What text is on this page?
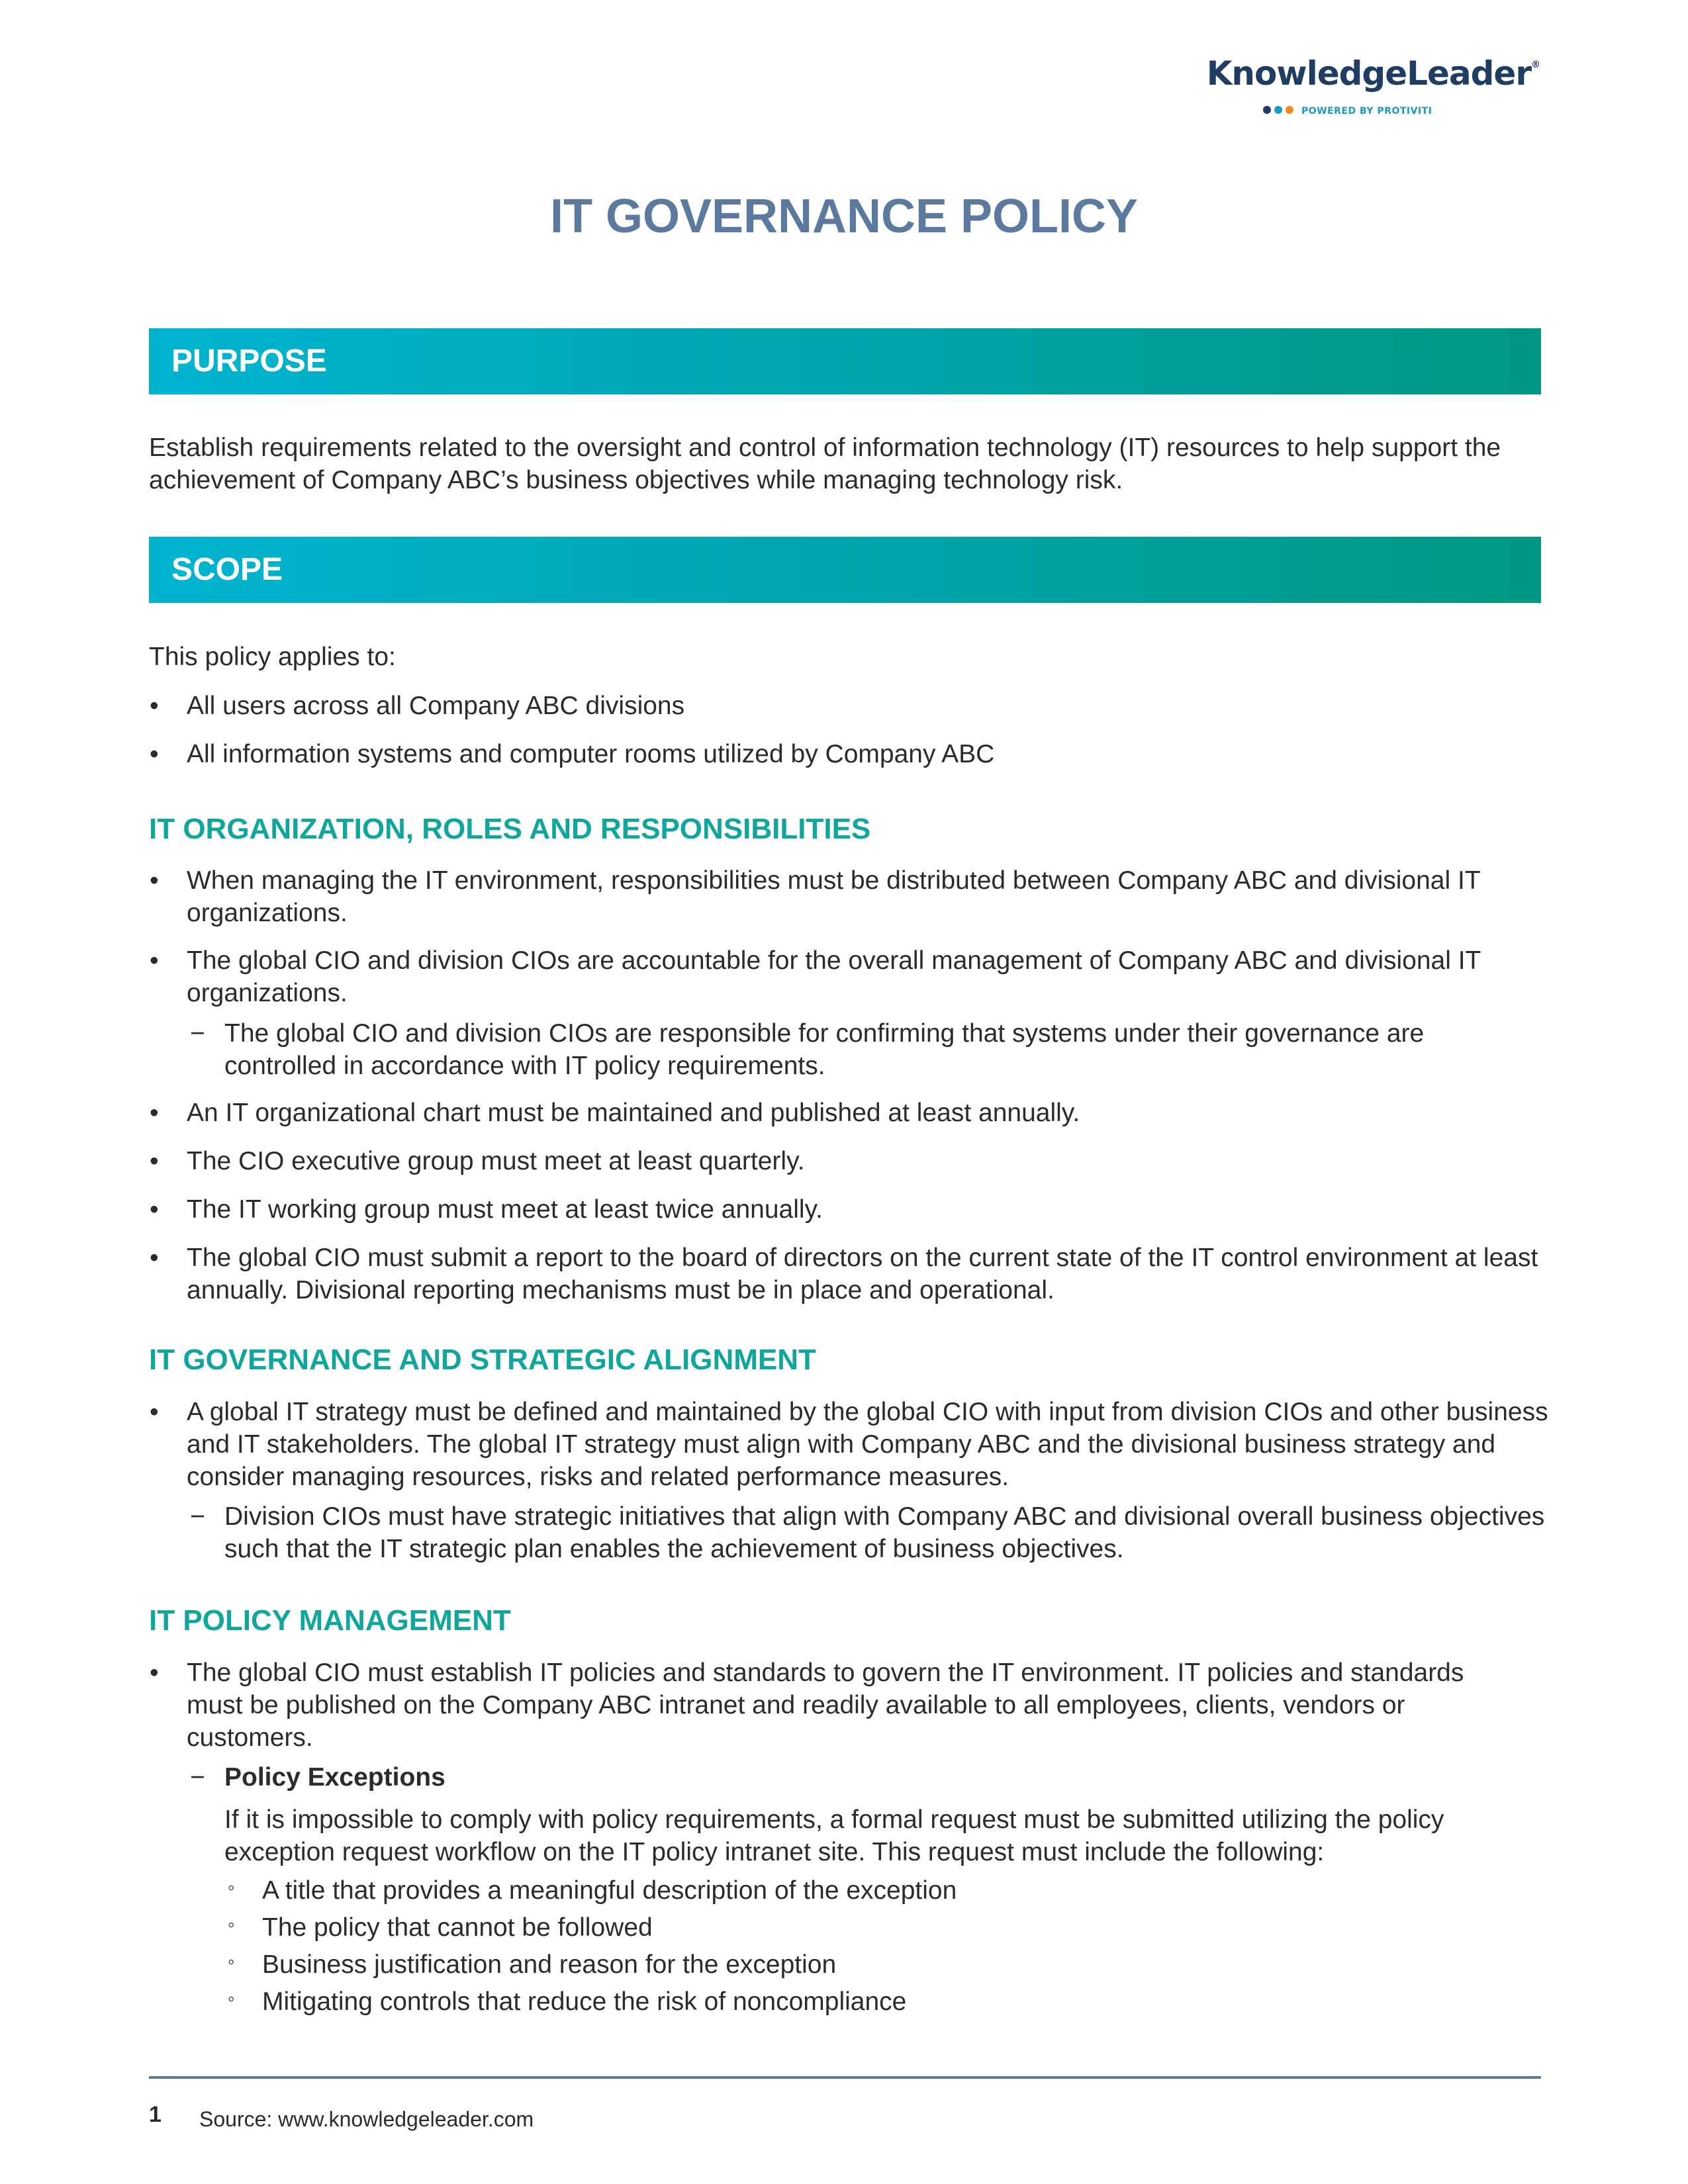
KnowledgeLeader®
POWERED BY PROTIVITI
IT GOVERNANCE POLICY
PURPOSE

Establish requirements related to the oversight and control of information technology (IT) resources to help support the achievement of Company ABC’s business objectives while managing technology risk.

SCOPE

This policy applies to:

• All users across all Company ABC divisions
• All information systems and computer rooms utilized by Company ABC
IT ORGANIZATION, ROLES AND RESPONSIBILITIES
• When managing the IT environment, responsibilities must be distributed between Company ABC and divisional IT organizations.
• The global CIO and division CIOs are accountable for the overall management of Company ABC and divisional IT organizations.
− The global CIO and division CIOs are responsible for confirming that systems under their governance are controlled in accordance with IT policy requirements.
• An IT organizational chart must be maintained and published at least annually.
• The CIO executive group must meet at least quarterly.
• The IT working group must meet at least twice annually.
• The global CIO must submit a report to the board of directors on the current state of the IT control environment at least annually. Divisional reporting mechanisms must be in place and operational.
IT GOVERNANCE AND STRATEGIC ALIGNMENT
• A global IT strategy must be defined and maintained by the global CIO with input from division CIOs and other business and IT stakeholders. The global IT strategy must align with Company ABC and the divisional business strategy and consider managing resources, risks and related performance measures.
− Division CIOs must have strategic initiatives that align with Company ABC and divisional overall business objectives such that the IT strategic plan enables the achievement of business objectives.
IT POLICY MANAGEMENT
• The global CIO must establish IT policies and standards to govern the IT environment. IT policies and standards must be published on the Company ABC intranet and readily available to all employees, clients, vendors or customers.
− Policy Exceptions
If it is impossible to comply with policy requirements, a formal request must be submitted utilizing the policy exception request workflow on the IT policy intranet site. This request must include the following:
◦ A title that provides a meaningful description of the exception
◦ The policy that cannot be followed
◦ Business justification and reason for the exception
◦ Mitigating controls that reduce the risk of noncompliance
1 Source: www.knowledgeleader.com
